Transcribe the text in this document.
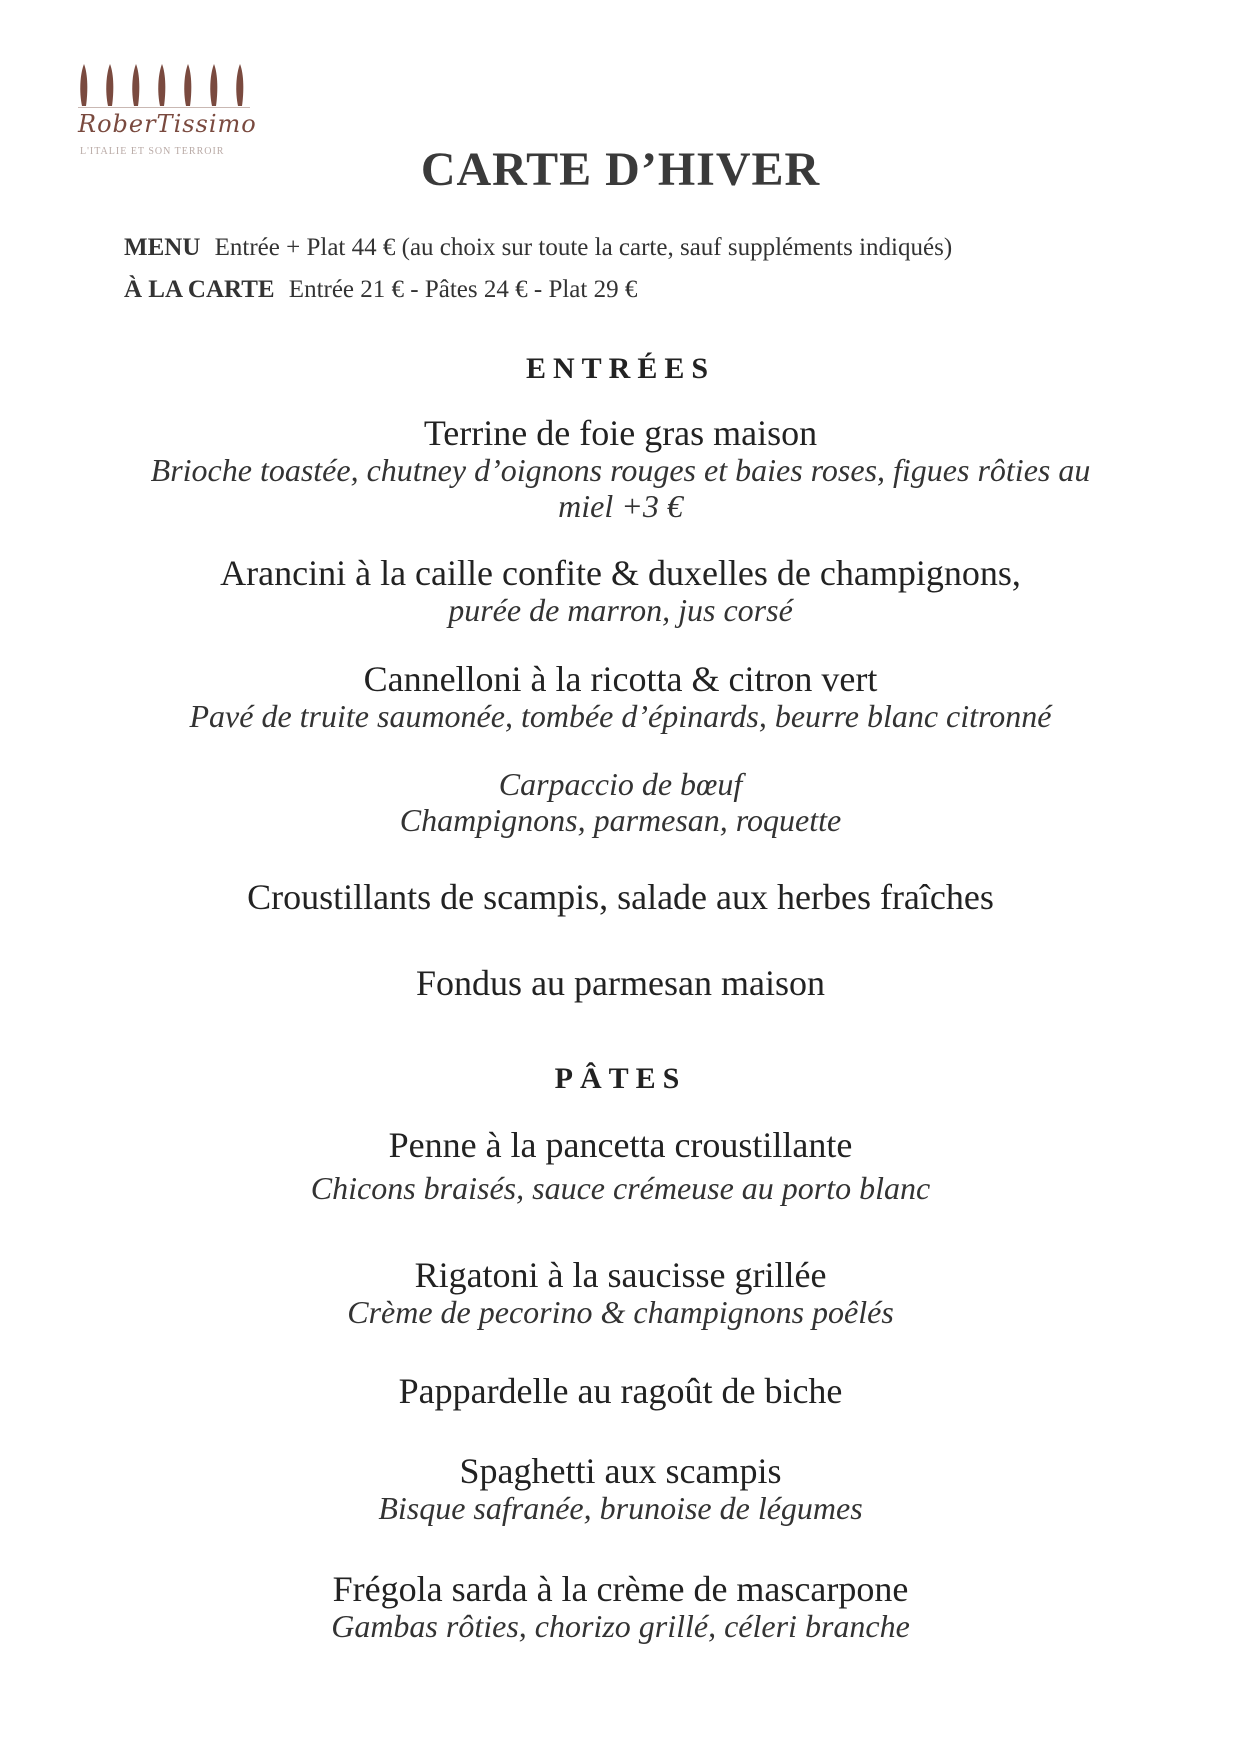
RoberTissimo
L'ITALIE ET SON TERROIR	CARTE D’HIVER
MENU Entrée + Plat 44 € (au choix sur toute la carte, sauf suppléments indiqués)
À LA CARTE Entrée 21 € - Pâtes 24 € - Plat 29 €
ENTRÉES
Terrine de foie gras maison
Brioche toastée, chutney d’oignons rouges et baies roses, figues rôties au miel +3 €
Arancini à la caille confite & duxelles de champignons,
purée de marron, jus corsé
Cannelloni à la ricotta & citron vert
Pavé de truite saumonée, tombée d’épinards, beurre blanc citronné
Carpaccio de bœuf
Champignons, parmesan, roquette
Croustillants de scampis, salade aux herbes fraîches
Fondus au parmesan maison
PÂTES
Penne à la pancetta croustillante
Chicons braisés, sauce crémeuse au porto blanc
Rigatoni à la saucisse grillée
Crème de pecorino & champignons poêlés
Pappardelle au ragoût de biche
Spaghetti aux scampis
Bisque safranée, brunoise de légumes
Frégola sarda à la crème de mascarpone
Gambas rôties, chorizo grillé, céleri branche
